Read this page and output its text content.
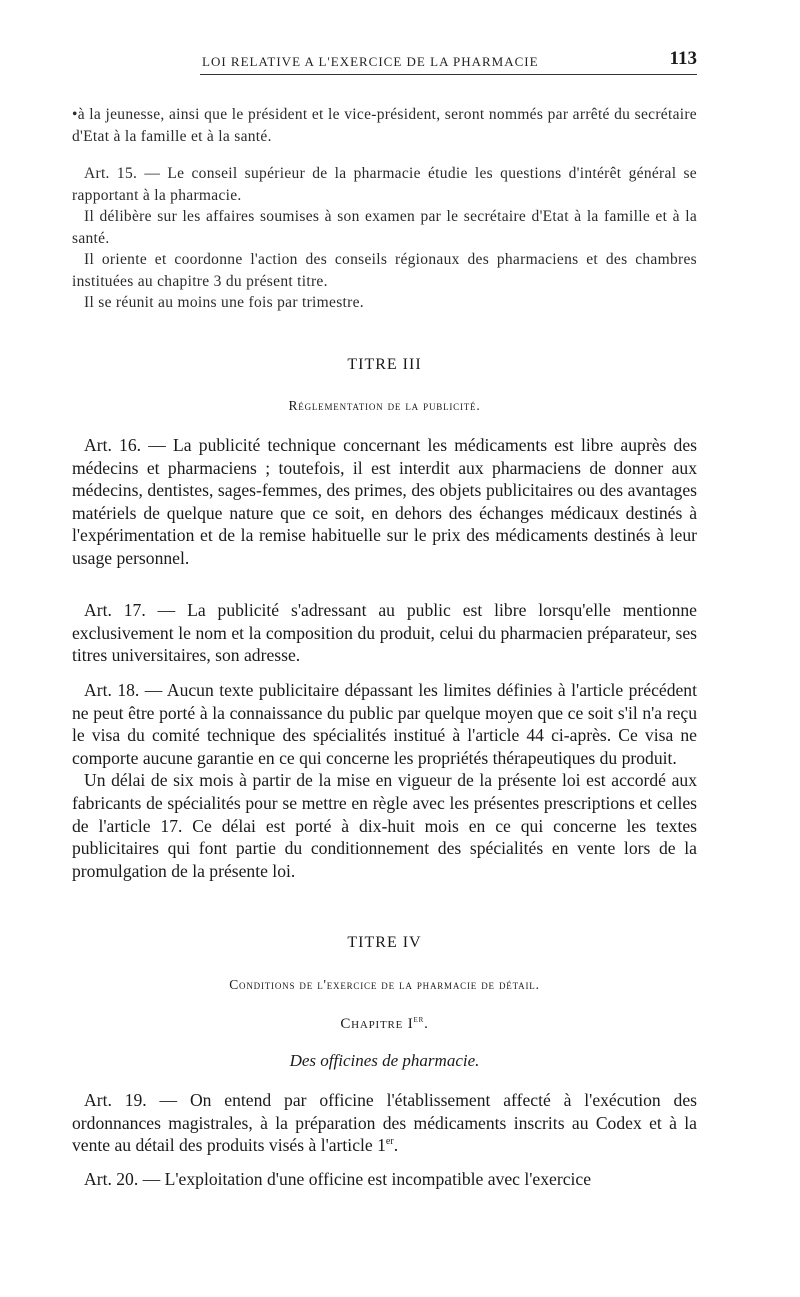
LOI RELATIVE A L'EXERCICE DE LA PHARMACIE	113

•à la jeunesse, ainsi que le président et le vice-président, seront nommés par arrêté du secrétaire d'Etat à la famille et à la santé.

Art. 15. — Le conseil supérieur de la pharmacie étudie les questions d'intérêt général se rapportant à la pharmacie.

Il délibère sur les affaires soumises à son examen par le secrétaire d'Etat à la famille et à la santé.

Il oriente et coordonne l'action des conseils régionaux des pharmaciens et des chambres instituées au chapitre 3 du présent titre.

Il se réunit au moins une fois par trimestre.

TITRE III
Réglementation de la publicité.

Art. 16. — La publicité technique concernant les médicaments est libre auprès des médecins et pharmaciens ; toutefois, il est interdit aux pharmaciens de donner aux médecins, dentistes, sages-femmes, des primes, des objets publicitaires ou des avantages matériels de quelque nature que ce soit, en dehors des échanges médicaux destinés à l'expérimentation et de la remise habituelle sur le prix des médicaments destinés à leur usage personnel.

Art. 17. — La publicité s'adressant au public est libre lorsqu'elle mentionne exclusivement le nom et la composition du produit, celui du pharmacien préparateur, ses titres universitaires, son adresse.

Art. 18. — Aucun texte publicitaire dépassant les limites définies à l'article précédent ne peut être porté à la connaissance du public par quelque moyen que ce soit s'il n'a reçu le visa du comité technique des spécialités institué à l'article 44 ci-après. Ce visa ne comporte aucune garantie en ce qui concerne les propriétés thérapeutiques du produit.

Un délai de six mois à partir de la mise en vigueur de la présente loi est accordé aux fabricants de spécialités pour se mettre en règle avec les présentes prescriptions et celles de l'article 17. Ce délai est porté à dix-huit mois en ce qui concerne les textes publicitaires qui font partie du conditionnement des spécialités en vente lors de la promulgation de la présente loi.

TITRE IV
Conditions de l'exercice de la pharmacie de détail.
Chapitre Ier.
Des officines de pharmacie.

Art. 19. — On entend par officine l'établissement affecté à l'exécution des ordonnances magistrales, à la préparation des médicaments inscrits au Codex et à la vente au détail des produits visés à l'article 1er.

Art. 20. — L'exploitation d'une officine est incompatible avec l'exercice
